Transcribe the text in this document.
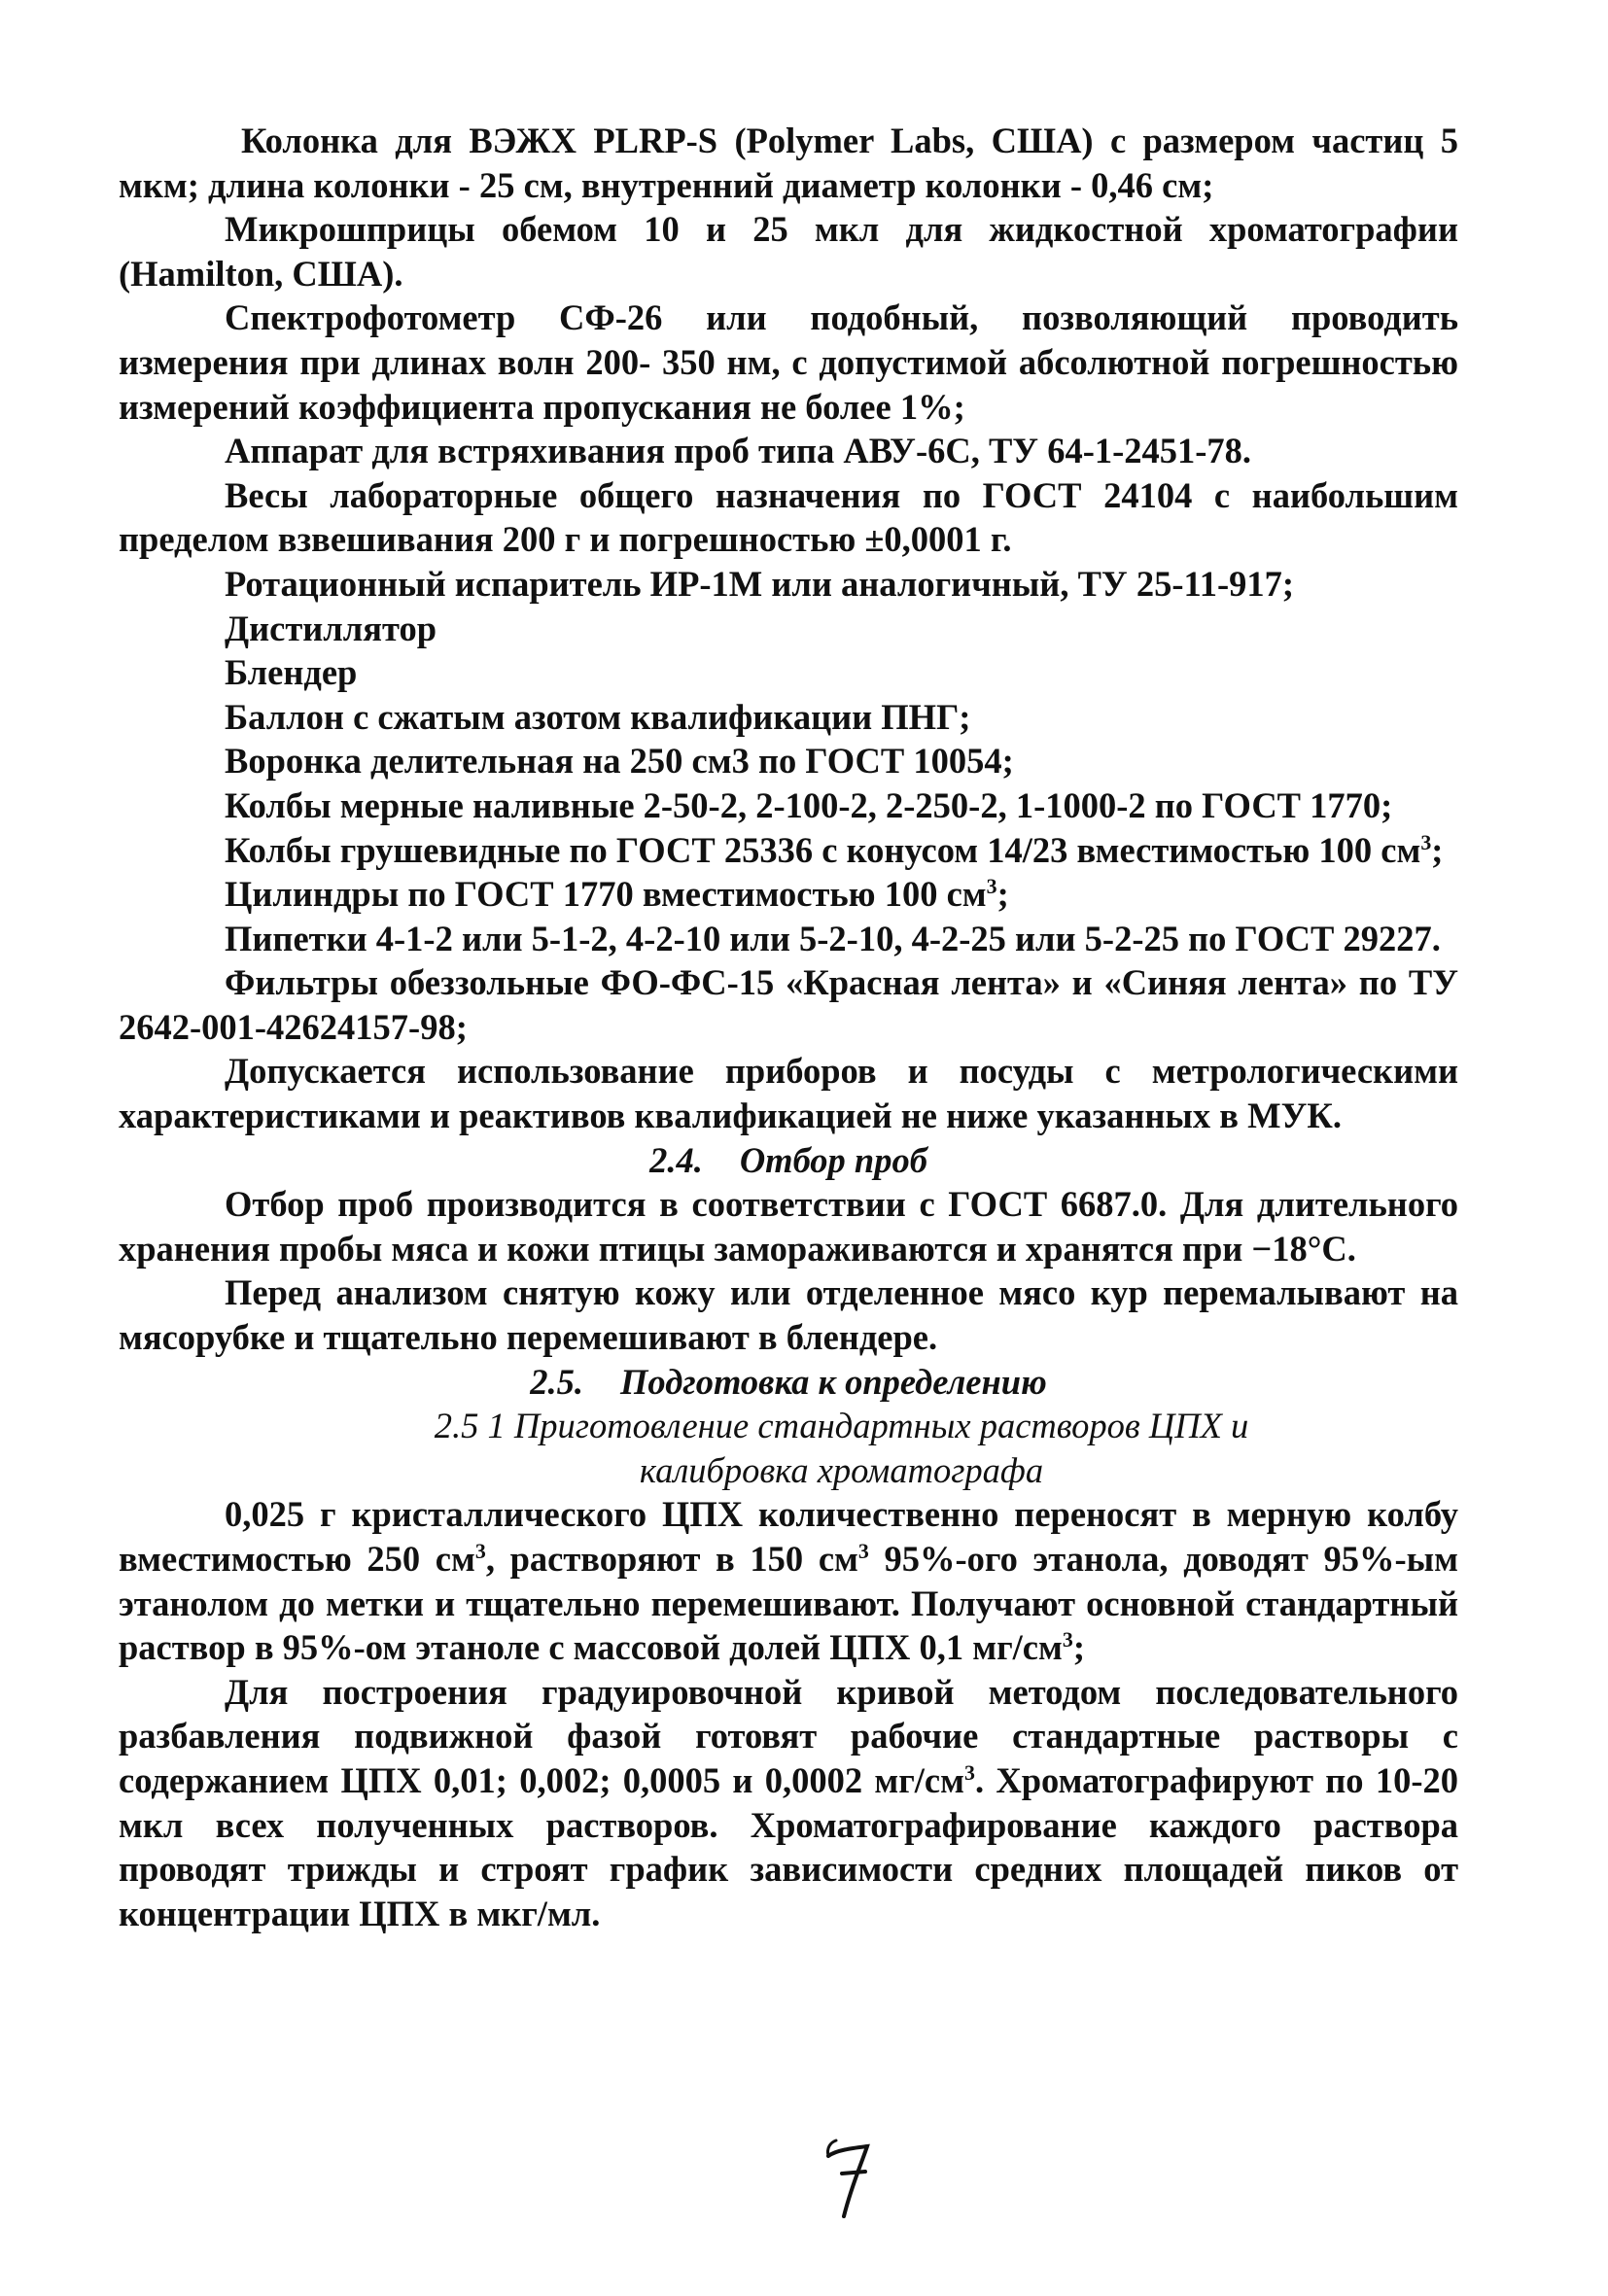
Колонка для ВЭЖХ PLRP-S (Polymer Labs, США) с размером частиц 5 мкм; длина колонки - 25 см, внутренний диаметр колонки - 0,46 см;

Микрошприцы обемом 10 и 25 мкл для жидкостной хроматографии (Hamilton, США).

Спектрофотометр СФ-26 или подобный, позволяющий проводить измерения при длинах волн 200- 350 нм, с допустимой абсолютной погрешностью измерений коэффициента пропускания не более 1%;

Аппарат для встряхивания проб типа АВУ-6С, ТУ 64-1-2451-78.

Весы лабораторные общего назначения по ГОСТ 24104 с наибольшим пределом взвешивания 200 г и погрешностью ±0,0001 г.

Ротационный испаритель ИР-1М или аналогичный, ТУ 25-11-917;

Дистиллятор

Блендер

Баллон с сжатым азотом квалификации ПНГ;

Воронка делительная на 250 см3 по ГОСТ 10054;

Колбы мерные наливные 2-50-2, 2-100-2, 2-250-2, 1-1000-2 по ГОСТ 1770;

Колбы грушевидные по ГОСТ 25336 с конусом 14/23 вместимостью 100 $см^3$;

Цилиндры по ГОСТ 1770 вместимостью 100 $см^3$;

Пипетки 4-1-2 или 5-1-2, 4-2-10 или 5-2-10, 4-2-25 или 5-2-25 по ГОСТ 29227.

Фильтры обеззольные ФО-ФС-15 «Красная лента» и «Синяя лента» по ТУ 2642-001-42624157-98;

Допускается использование приборов и посуды с метрологическими характеристиками и реактивов квалификацией не ниже указанных в МУК.

2.4. Отбор проб

Отбор проб производится в соответствии с ГОСТ 6687.0. Для длительного хранения пробы мяса и кожи птицы замораживаются и хранятся при −18°С.

Перед анализом снятую кожу или отделенное мясо кур перемалывают на мясорубке и тщательно перемешивают в блендере.

2.5. Подготовка к определению

2.5 1 Приготовление стандартных растворов ЦПХ и

калибровка хроматографа

0,025 г кристаллического ЦПХ количественно переносят в мерную колбу вместимостью 250 $см^3$, растворяют в 150 $см^3$ 95%-ого этанола, доводят 95%-ым этанолом до метки и тщательно перемешивают. Получают основной стандартный раствор в 95%-ом этаноле с массовой долей ЦПХ 0,1 $мг/см^3$;

Для построения градуировочной кривой методом последовательного разбавления подвижной фазой готовят рабочие стандартные растворы с содержанием ЦПХ 0,01; 0,002; 0,0005 и 0,0002 $мг/см^3$. Хроматографируют по 10-20 мкл всех полученных растворов. Хроматографирование каждого раствора проводят трижды и строят график зависимости средних площадей пиков от концентрации ЦПХ в мкг/мл.
